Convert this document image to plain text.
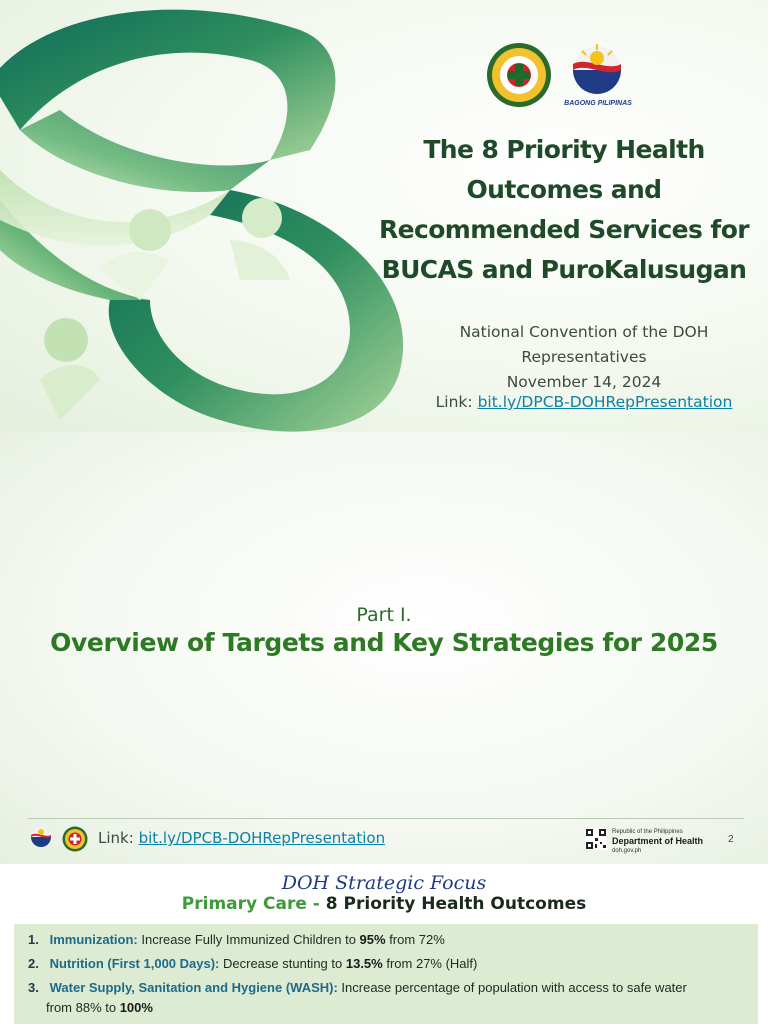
BAGONG PILIPINAS
The 8 Priority Health
Outcomes and
Recommended Services for
BUCAS and PuroKalusugan
National Convention of the DOH Representatives
November 14, 2024
Link: bit.ly/DPCB-DOHRepPresentation
Part I.
Overview of Targets and Key Strategies for 2025
Link: bit.ly/DPCB-DOHRepPresentation	Republic of the Philippines
Department of Health
doh.gov.ph
2
DOH Strategic Focus
Primary Care - 8 Priority Health Outcomes
1. Immunization: Increase Fully Immunized Children to 95% from 72%
2. Nutrition (First 1,000 Days): Decrease stunting to 13.5% from 27% (Half)
3. Water Supply, Sanitation and Hygiene (WASH): Increase percentage of population with access to safe water
from 88% to 100%
